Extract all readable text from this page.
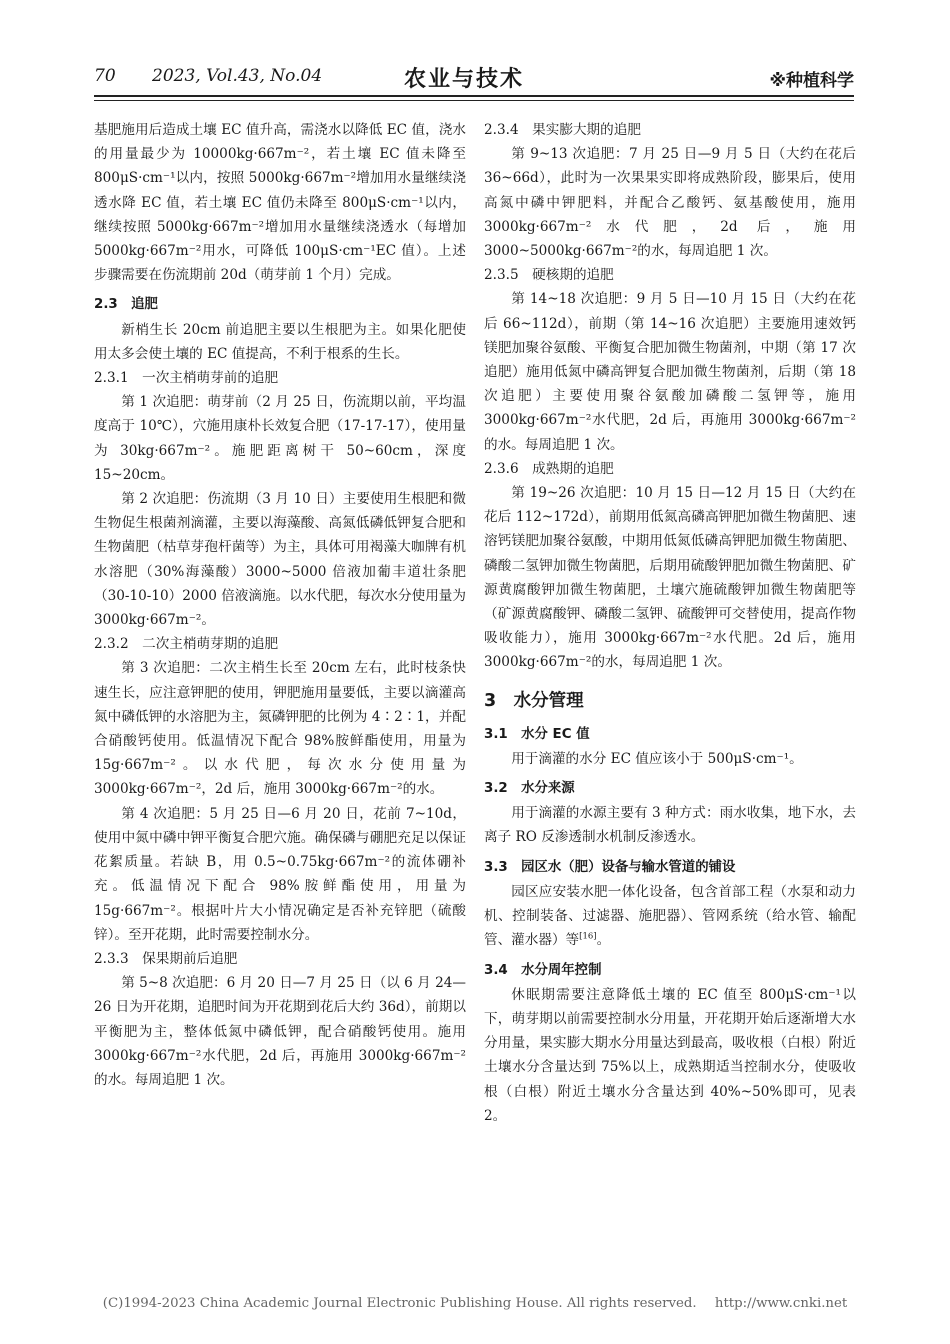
70 2023, Vol.43, No.04	农业与技术	※种植科学

基肥施用后造成土壤 EC 值升高，需浇水以降低 EC 值，浇水的用量最少为 10000kg·667m⁻²，若土壤 EC 值未降至 800μS·cm⁻¹以内，按照 5000kg·667m⁻²增加用水量继续浇透水降 EC 值，若土壤 EC 值仍未降至 800μS·cm⁻¹以内，继续按照 5000kg·667m⁻²增加用水量继续浇透水（每增加 5000kg·667m⁻²用水，可降低 100μS·cm⁻¹EC 值）。上述步骤需要在伤流期前 20d（萌芽前 1 个月）完成。

2.3　追肥

新梢生长 20cm 前追肥主要以生根肥为主。如果化肥使用太多会使土壤的 EC 值提高，不利于根系的生长。

2.3.1　一次主梢萌芽前的追肥

第 1 次追肥：萌芽前（2 月 25 日，伤流期以前，平均温度高于 10℃），穴施用康朴长效复合肥（17-17-17），使用量为 30kg·667m⁻²。施肥距离树干 50~60cm，深度 15~20cm。

第 2 次追肥：伤流期（3 月 10 日）主要使用生根肥和微生物促生根菌剂滴灌，主要以海藻酸、高氮低磷低钾复合肥和生物菌肥（枯草芽孢杆菌等）为主，具体可用褐藻大咖牌有机水溶肥（30%海藻酸）3000~5000 倍液加葡丰道壮条肥（30-10-10）2000 倍液滴施。以水代肥，每次水分使用量为 3000kg·667m⁻²。

2.3.2　二次主梢萌芽期的追肥

第 3 次追肥：二次主梢生长至 20cm 左右，此时枝条快速生长，应注意钾肥的使用，钾肥施用量要低，主要以滴灌高氮中磷低钾的水溶肥为主，氮磷钾肥的比例为 4∶2∶1，并配合硝酸钙使用。低温情况下配合 98%胺鲜酯使用，用量为 15g·667m⁻²。以水代肥，每次水分使用量为 3000kg·667m⁻²，2d 后，施用 3000kg·667m⁻²的水。

第 4 次追肥：5 月 25 日—6 月 20 日，花前 7~10d，使用中氮中磷中钾平衡复合肥穴施。确保磷与硼肥充足以保证花絮质量。若缺 B，用 0.5~0.75kg·667m⁻²的流体硼补充。低温情况下配合 98%胺鲜酯使用，用量为 15g·667m⁻²。根据叶片大小情况确定是否补充锌肥（硫酸锌）。至开花期，此时需要控制水分。

2.3.3　保果期前后追肥

第 5~8 次追肥：6 月 20 日—7 月 25 日（以 6 月 24—26 日为开花期，追肥时间为开花期到花后大约 36d），前期以平衡肥为主，整体低氮中磷低钾，配合硝酸钙使用。施用 3000kg·667m⁻²水代肥，2d 后，再施用 3000kg·667m⁻²的水。每周追肥 1 次。

2.3.4　果实膨大期的追肥

第 9~13 次追肥：7 月 25 日—9 月 5 日（大约在花后 36~66d），此时为一次果果实即将成熟阶段，膨果后，使用高氮中磷中钾肥料，并配合乙酸钙、氨基酸使用，施用 3000kg·667m⁻²水代肥，2d 后，施用 3000~5000kg·667m⁻²的水，每周追肥 1 次。

2.3.5　硬核期的追肥

第 14~18 次追肥：9 月 5 日—10 月 15 日（大约在花后 66~112d），前期（第 14~16 次追肥）主要施用速效钙镁肥加聚谷氨酸、平衡复合肥加微生物菌剂，中期（第 17 次追肥）施用低氮中磷高钾复合肥加微生物菌剂，后期（第 18 次追肥）主要使用聚谷氨酸加磷酸二氢钾等，施用 3000kg·667m⁻²水代肥，2d 后，再施用 3000kg·667m⁻²的水。每周追肥 1 次。

2.3.6　成熟期的追肥

第 19~26 次追肥：10 月 15 日—12 月 15 日（大约在花后 112~172d），前期用低氮高磷高钾肥加微生物菌肥、速溶钙镁肥加聚谷氨酸，中期用低氮低磷高钾肥加微生物菌肥、磷酸二氢钾加微生物菌肥，后期用硫酸钾肥加微生物菌肥、矿源黄腐酸钾加微生物菌肥，土壤穴施硫酸钾加微生物菌肥等（矿源黄腐酸钾、磷酸二氢钾、硫酸钾可交替使用，提高作物吸收能力），施用 3000kg·667m⁻²水代肥。2d 后，施用 3000kg·667m⁻²的水，每周追肥 1 次。

3　水分管理

3.1　水分 EC 值

用于滴灌的水分 EC 值应该小于 500μS·cm⁻¹。

3.2　水分来源

用于滴灌的水源主要有 3 种方式：雨水收集，地下水，去离子 RO 反渗透制水机制反渗透水。

3.3　园区水（肥）设备与输水管道的铺设

园区应安装水肥一体化设备，包含首部工程（水泵和动力机、控制装备、过滤器、施肥器）、管网系统（给水管、输配管、灌水器）等[16]。

3.4　水分周年控制

休眠期需要注意降低土壤的 EC 值至 800μS·cm⁻¹以下，萌芽期以前需要控制水分用量，开花期开始后逐渐增大水分用量，果实膨大期水分用量达到最高，吸收根（白根）附近土壤水分含量达到 75%以上，成熟期适当控制水分，使吸收根（白根）附近土壤水分含量达到 40%~50%即可，见表 2。

(C)1994-2023 China Academic Journal Electronic Publishing House. All rights reserved. http://www.cnki.net
